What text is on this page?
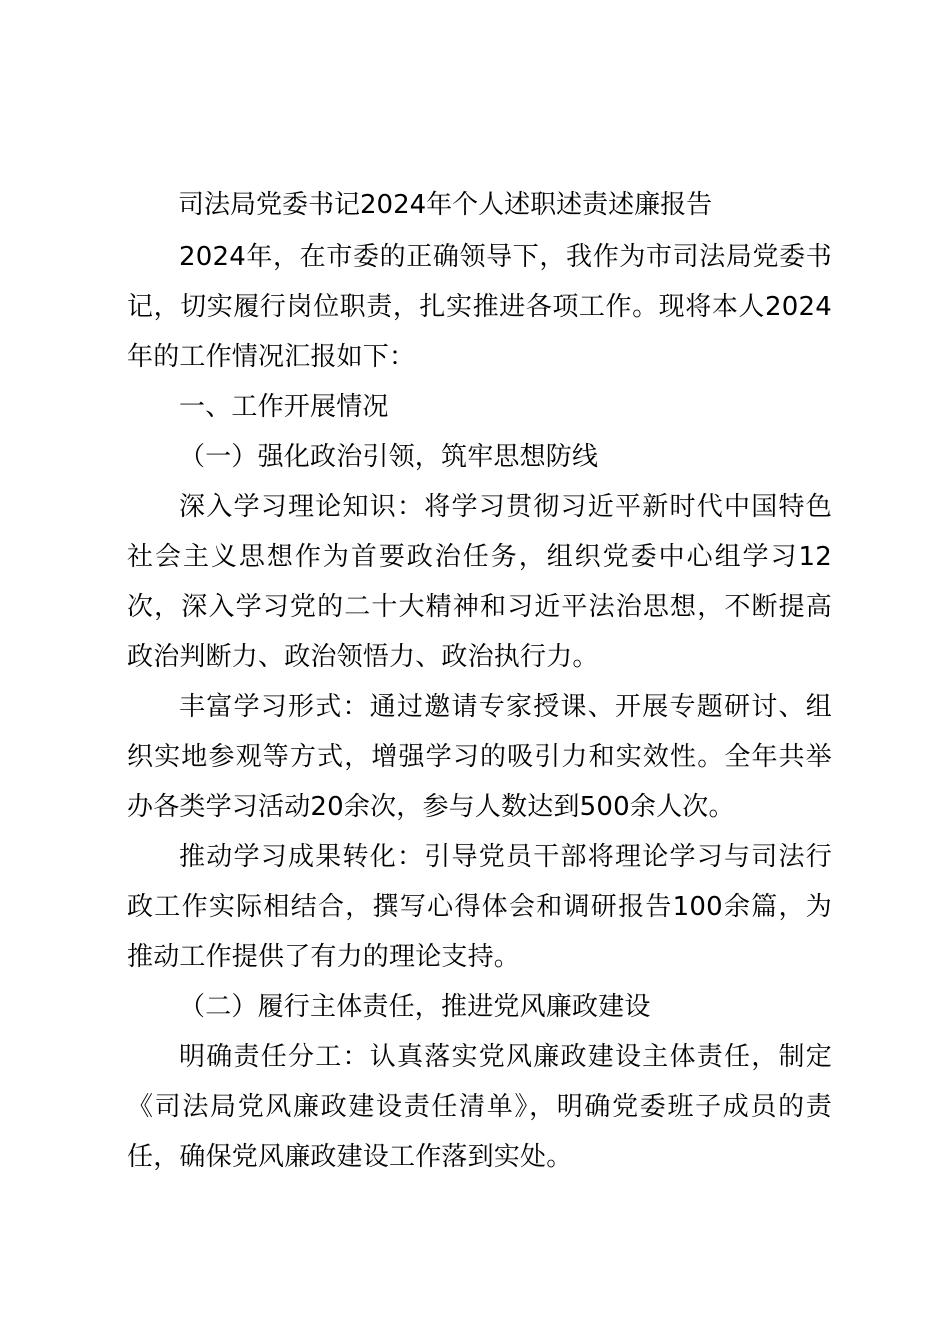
司法局党委书记2024年个人述职述责述廉报告

2024年，在市委的正确领导下，我作为市司法局党委书记，切实履行岗位职责，扎实推进各项工作。现将本人2024年的工作情况汇报如下：

一、工作开展情况

（一）强化政治引领，筑牢思想防线

深入学习理论知识：将学习贯彻习近平新时代中国特色社会主义思想作为首要政治任务，组织党委中心组学习12次，深入学习党的二十大精神和习近平法治思想，不断提高政治判断力、政治领悟力、政治执行力。

丰富学习形式：通过邀请专家授课、开展专题研讨、组织实地参观等方式，增强学习的吸引力和实效性。全年共举办各类学习活动20余次，参与人数达到500余人次。

推动学习成果转化：引导党员干部将理论学习与司法行政工作实际相结合，撰写心得体会和调研报告100余篇，为推动工作提供了有力的理论支持。

（二）履行主体责任，推进党风廉政建设

明确责任分工：认真落实党风廉政建设主体责任，制定《司法局党风廉政建设责任清单》，明确党委班子成员的责任，确保党风廉政建设工作落到实处。
